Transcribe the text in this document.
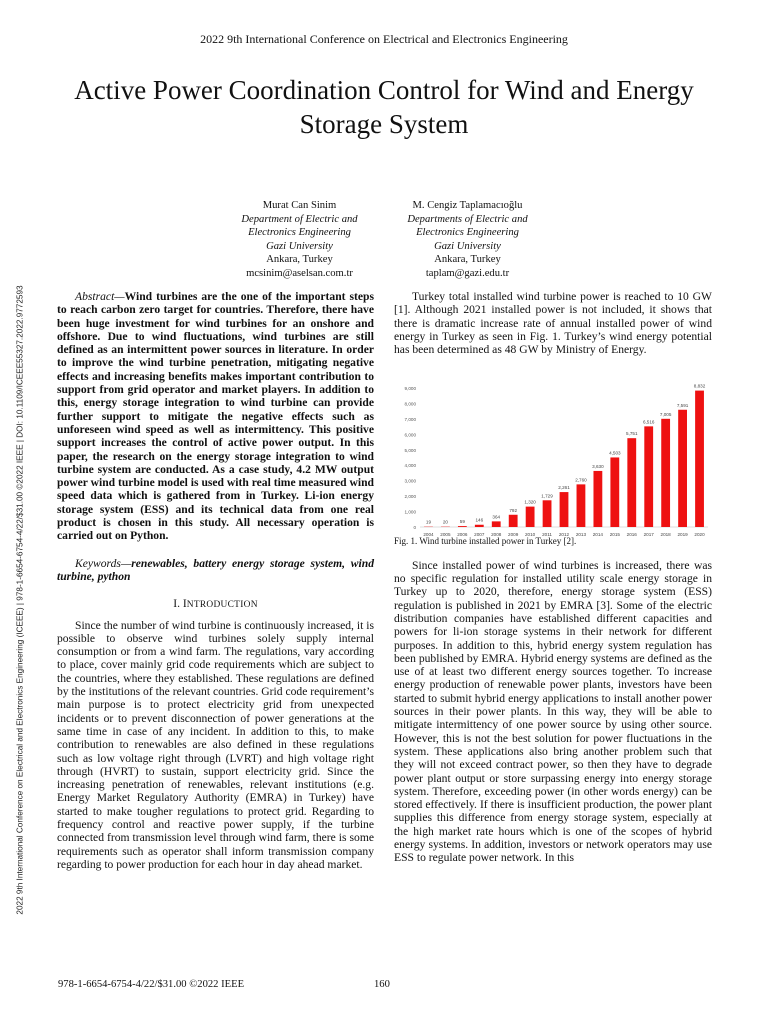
2022 9th International Conference on Electrical and Electronics Engineering
Active Power Coordination Control for Wind and Energy Storage System
Murat Can Sinim
Department of Electric and
Electronics Engineering
Gazi University
Ankara, Turkey
mcsinim@aselsan.com.tr
M. Cengiz Taplamacıoğlu
Departments of Electric and
Electronics Engineering
Gazi University
Ankara, Turkey
taplam@gazi.edu.tr
2022 9th International Conference on Electrical and Electronics Engineering (ICEEE) | 978-1-6654-6754-4/22/$31.00 ©2022 IEEE | DOI: 10.1109/ICEEE55327.2022.9772593	Abstract—Wind turbines are the one of the important steps to reach carbon zero target for countries. Therefore, there have been huge investment for wind turbines for an onshore and offshore. Due to wind fluctuations, wind turbines are still defined as an intermittent power sources in literature. In order to improve the wind turbine penetration, mitigating negative effects and increasing benefits makes important contribution to support from grid operator and market players. In addition to this, energy storage integration to wind turbine can provide further support to mitigate the negative effects such as unforeseen wind speed as well as intermittency. This positive support increases the control of active power output. In this paper, the research on the energy storage integration to wind turbine system are conducted. As a case study, 4.2 MW output power wind turbine model is used with real time measured wind speed data which is gathered from in Turkey. Li-ion energy storage system (ESS) and its technical data from one real product is chosen in this study. All necessary operation is carried out on Python.

Keywords—renewables, battery energy storage system, wind turbine, python

I. INTRODUCTION

Since the number of wind turbine is continuously increased, it is possible to observe wind turbines solely supply internal consumption or from a wind farm. The regulations, vary according to place, cover mainly grid code requirements which are subject to the countries, where they established. These regulations are defined by the institutions of the relevant countries. Grid code requirement’s main purpose is to protect electricity grid from unexpected incidents or to prevent disconnection of power generations at the same time in case of any incident. In addition to this, to make contribution to renewables are also defined in these regulations such as low voltage right through (LVRT) and high voltage right through (HVRT) to sustain, support electricity grid. Since the increasing penetration of renewables, relevant institutions (e.g. Energy Market Regulatory Authority (EMRA) in Turkey) have started to make tougher regulations to protect grid. Regarding to frequency control and reactive power supply, if the turbine connected from transmission level through wind farm, there is some requirements such as operator shall inform transmission company regarding to power production for each hour in day ahead market.

Turkey total installed wind turbine power is reached to 10 GW [1]. Although 2021 installed power is not included, it shows that there is dramatic increase rate of annual installed power of wind energy in Turkey as seen in Fig. 1. Turkey’s wind energy potential has been determined as 48 GW by Ministry of Energy.

Fig. 1. Wind turbine installed power in Turkey [2].

Since installed power of wind turbines is increased, there was no specific regulation for installed utility scale energy storage in Turkey up to 2020, therefore, energy storage system (ESS) regulation is published in 2021 by EMRA [3]. Some of the electric distribution companies have established different capacities and powers for li-ion storage systems in their network for different purposes. In addition to this, hybrid energy system regulation has been published by EMRA. Hybrid energy systems are defined as the use of at least two different energy sources together. To increase energy production of renewable power plants, investors have been started to submit hybrid energy applications to install another power sources in their power plants. In this way, they will be able to mitigate intermittency of one power source by using other source. However, this is not the best solution for power fluctuations in the system. These applications also bring another problem such that they will not exceed contract power, so then they have to degrade power plant output or store surpassing energy into energy storage system. Therefore, exceeding power (in other words energy) can be stored effectively. If there is insufficient production, the power plant supplies this difference from energy storage system, especially at the high market rate hours which is one of the scopes of hybrid energy systems. In addition, investors or network operators may use ESS to regulate power network. In this

0
1,000
2,000
3,000
4,000
5,000
6,000
7,000
8,000
9,000
19
2004
20
2005
59
2006
146
2007
364
2008
792
2009
1,320
2010
1,729
2011
2,261
2012
2,760
2013
3,630
2014
4,503
2015
5,751
2016
6,516
2017
7,005
2018
7,591
2019
8,832
2020
978-1-6654-6754-4/22/$31.00 ©2022 IEEE	160
